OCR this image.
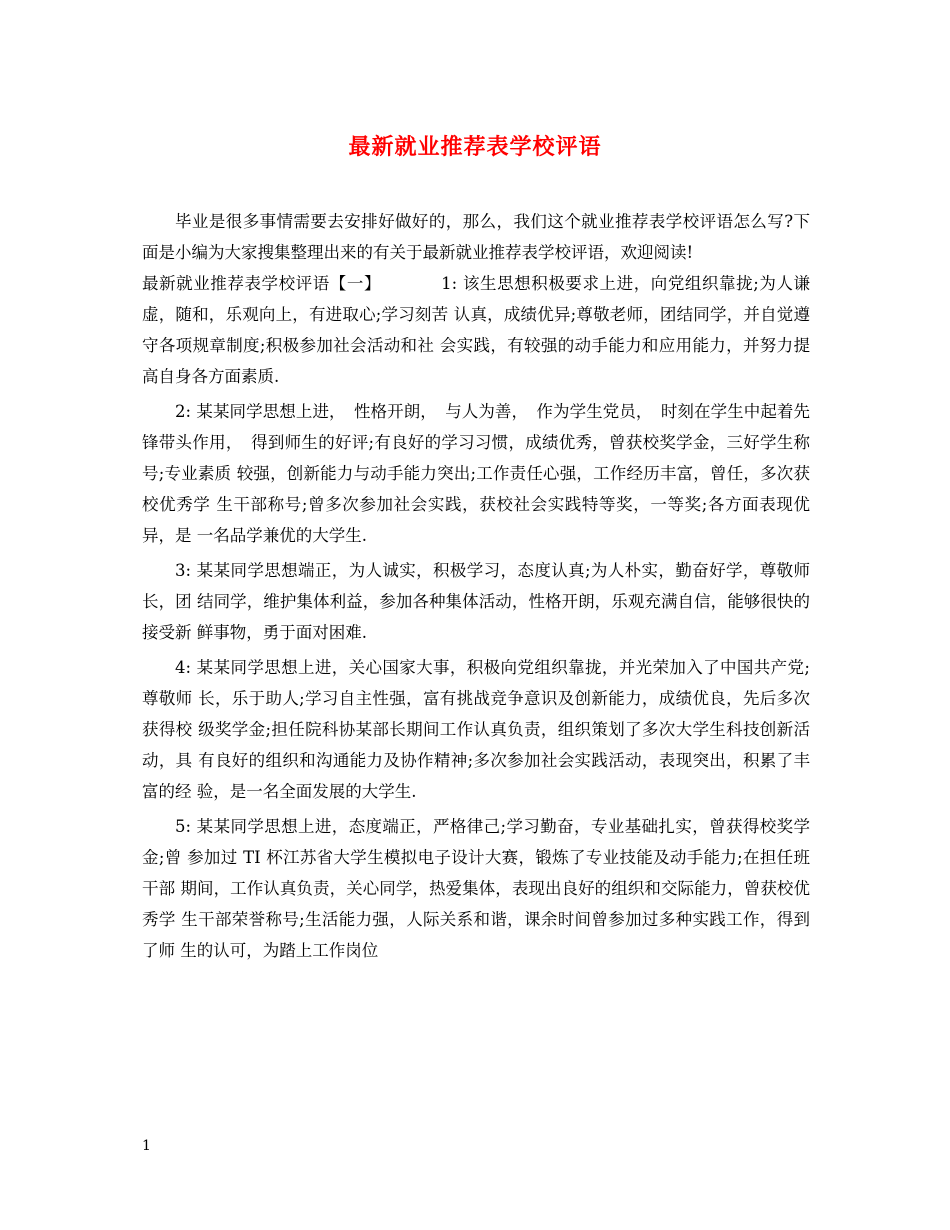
最新就业推荐表学校评语

毕业是很多事情需要去安排好做好的，那么，我们这个就业推荐表学校评语怎么写?下面是小编为大家搜集整理出来的有关于最新就业推荐表学校评语，欢迎阅读!

最新就业推荐表学校评语【一】　　　　1: 该生思想积极要求上进，向党组织靠拢;为人谦虚，随和，乐观向上，有进取心;学习刻苦 认真，成绩优异;尊敬老师，团结同学，并自觉遵守各项规章制度;积极参加社会活动和社 会实践，有较强的动手能力和应用能力，并努力提高自身各方面素质.

2: 某某同学思想上进，　性格开朗，　与人为善，　作为学生党员，　时刻在学生中起着先锋带头作用，　得到师生的好评;有良好的学习习惯，成绩优秀，曾获校奖学金，三好学生称号;专业素质 较强，创新能力与动手能力突出;工作责任心强，工作经历丰富，曾任，多次获校优秀学 生干部称号;曾多次参加社会实践，获校社会实践特等奖，一等奖;各方面表现优异，是 一名品学兼优的大学生.

3: 某某同学思想端正，为人诚实，积极学习，态度认真;为人朴实，勤奋好学，尊敬师长，团 结同学，维护集体利益，参加各种集体活动，性格开朗，乐观充满自信，能够很快的接受新 鲜事物，勇于面对困难.

4: 某某同学思想上进，关心国家大事，积极向党组织靠拢，并光荣加入了中国共产党;尊敬师 长，乐于助人;学习自主性强，富有挑战竞争意识及创新能力，成绩优良，先后多次获得校 级奖学金;担任院科协某部长期间工作认真负责，组织策划了多次大学生科技创新活动，具 有良好的组织和沟通能力及协作精神;多次参加社会实践活动，表现突出，积累了丰富的经 验，是一名全面发展的大学生.

5: 某某同学思想上进，态度端正，严格律己;学习勤奋，专业基础扎实，曾获得校奖学金;曾 参加过 TI 杯江苏省大学生模拟电子设计大赛，锻炼了专业技能及动手能力;在担任班干部 期间，工作认真负责，关心同学，热爱集体，表现出良好的组织和交际能力，曾获校优秀学 生干部荣誉称号;生活能力强，人际关系和谐，课余时间曾参加过多种实践工作，得到了师 生的认可，为踏上工作岗位

1
